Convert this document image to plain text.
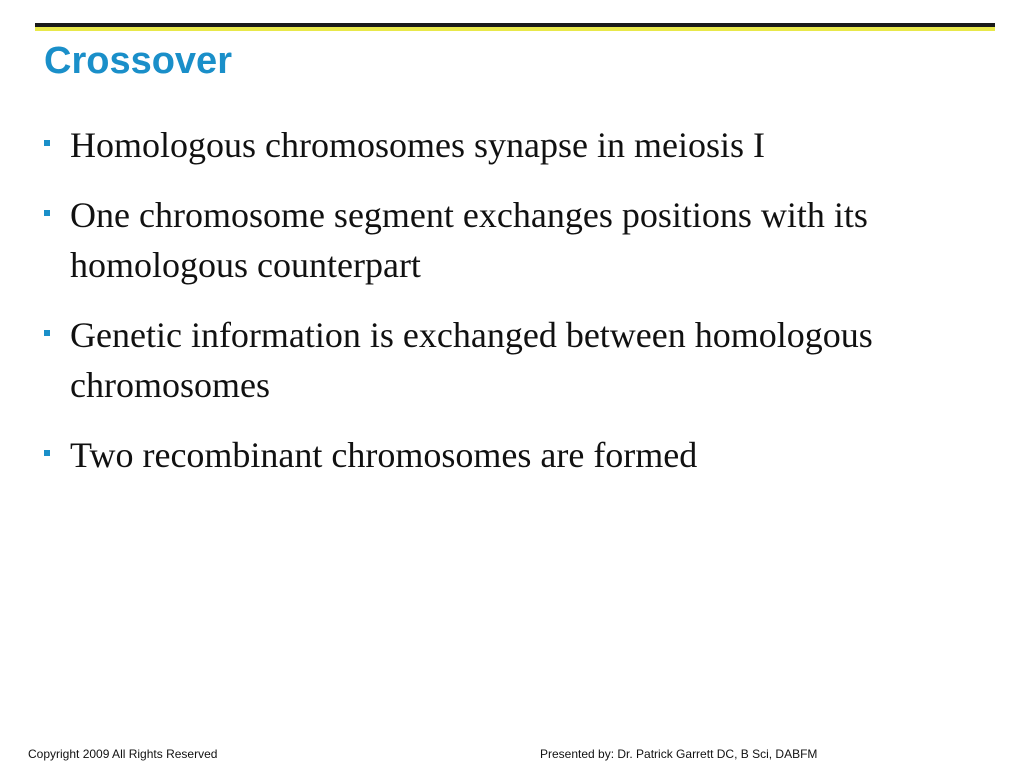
Crossover
Homologous chromosomes synapse in meiosis I
One chromosome segment exchanges positions with its homologous counterpart
Genetic information is exchanged between homologous chromosomes
Two recombinant chromosomes are formed
Copyright 2009 All Rights Reserved	Presented by: Dr. Patrick Garrett DC, B Sci, DABFM
